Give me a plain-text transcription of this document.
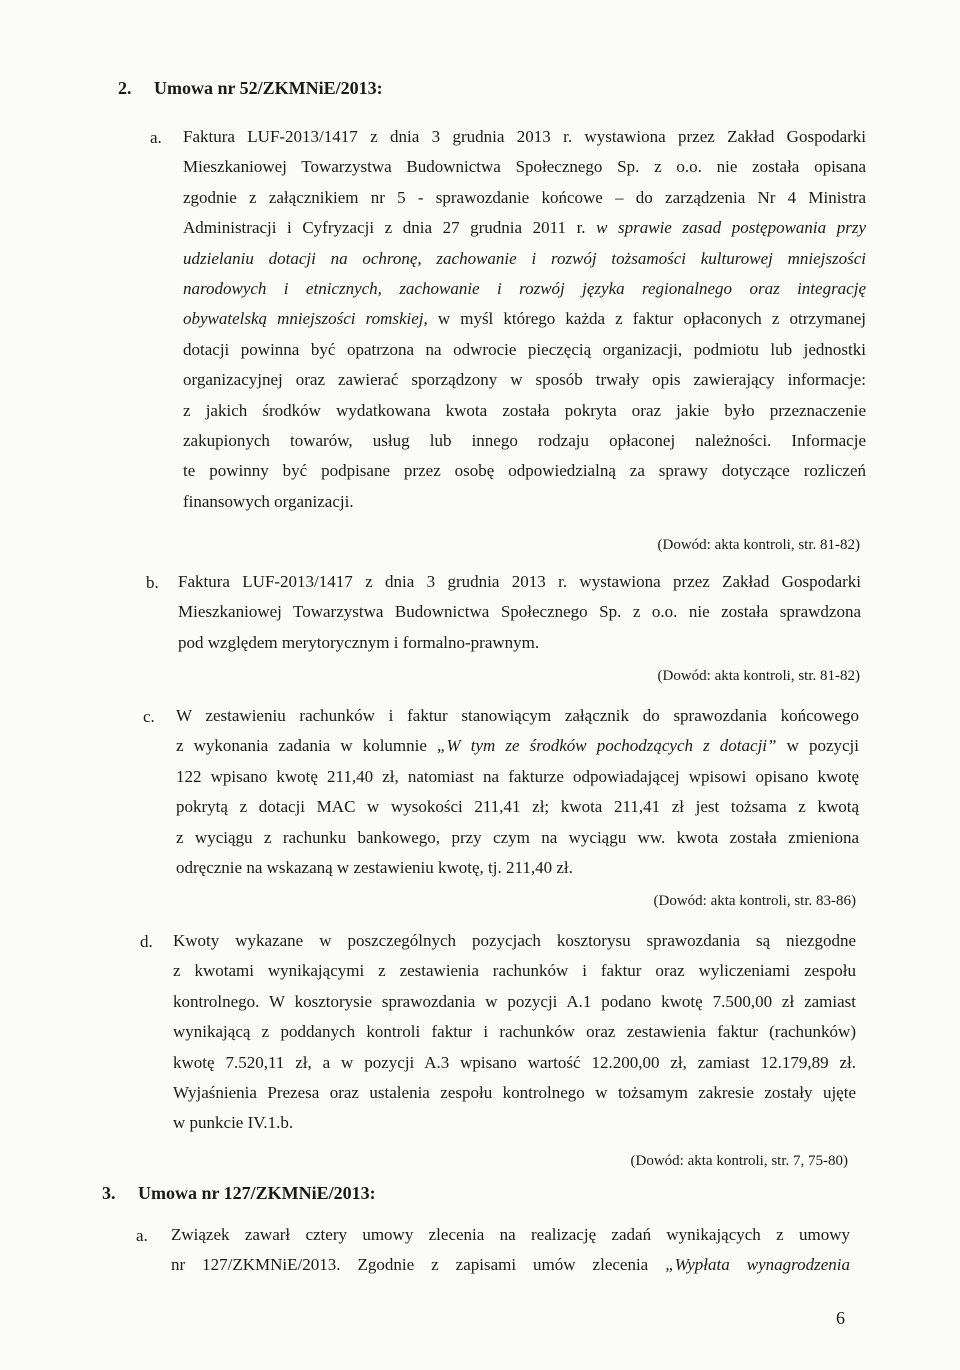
2. Umowa nr 52/ZKMNiE/2013:
a. Faktura LUF-2013/1417 z dnia 3 grudnia 2013 r. wystawiona przez Zakład Gospodarki
Mieszkaniowej Towarzystwa Budownictwa Społecznego Sp. z o.o. nie została opisana
zgodnie z załącznikiem nr 5 - sprawozdanie końcowe – do zarządzenia Nr 4 Ministra
Administracji i Cyfryzacji z dnia 27 grudnia 2011 r. w sprawie zasad postępowania przy
udzielaniu dotacji na ochronę, zachowanie i rozwój tożsamości kulturowej mniejszości
narodowych i etnicznych, zachowanie i rozwój języka regionalnego oraz integrację
obywatelską mniejszości romskiej, w myśl którego każda z faktur opłaconych z otrzymanej
dotacji powinna być opatrzona na odwrocie pieczęcią organizacji, podmiotu lub jednostki
organizacyjnej oraz zawierać sporządzony w sposób trwały opis zawierający informacje:
z jakich środków wydatkowana kwota została pokryta oraz jakie było przeznaczenie
zakupionych towarów, usług lub innego rodzaju opłaconej należności. Informacje
te powinny być podpisane przez osobę odpowiedzialną za sprawy dotyczące rozliczeń
finansowych organizacji.
(Dowód: akta kontroli, str. 81-82)
b. Faktura LUF-2013/1417 z dnia 3 grudnia 2013 r. wystawiona przez Zakład Gospodarki
Mieszkaniowej Towarzystwa Budownictwa Społecznego Sp. z o.o. nie została sprawdzona
pod względem merytorycznym i formalno-prawnym.
(Dowód: akta kontroli, str. 81-82)
c. W zestawieniu rachunków i faktur stanowiącym załącznik do sprawozdania końcowego
z wykonania zadania w kolumnie „W tym ze środków pochodzących z dotacji” w pozycji
122 wpisano kwotę 211,40 zł, natomiast na fakturze odpowiadającej wpisowi opisano kwotę
pokrytą z dotacji MAC w wysokości 211,41 zł; kwota 211,41 zł jest tożsama z kwotą
z wyciągu z rachunku bankowego, przy czym na wyciągu ww. kwota została zmieniona
odręcznie na wskazaną w zestawieniu kwotę, tj. 211,40 zł.
(Dowód: akta kontroli, str. 83-86)
d. Kwoty wykazane w poszczególnych pozycjach kosztorysu sprawozdania są niezgodne
z kwotami wynikającymi z zestawienia rachunków i faktur oraz wyliczeniami zespołu
kontrolnego. W kosztorysie sprawozdania w pozycji A.1 podano kwotę 7.500,00 zł zamiast
wynikającą z poddanych kontroli faktur i rachunków oraz zestawienia faktur (rachunków)
kwotę 7.520,11 zł, a w pozycji A.3 wpisano wartość 12.200,00 zł, zamiast 12.179,89 zł.
Wyjaśnienia Prezesa oraz ustalenia zespołu kontrolnego w tożsamym zakresie zostały ujęte
w punkcie IV.1.b.
(Dowód: akta kontroli, str. 7, 75-80)
3. Umowa nr 127/ZKMNiE/2013:
a. Związek zawarł cztery umowy zlecenia na realizację zadań wynikających z umowy
nr 127/ZKMNiE/2013. Zgodnie z zapisami umów zlecenia „Wypłata wynagrodzenia
6
